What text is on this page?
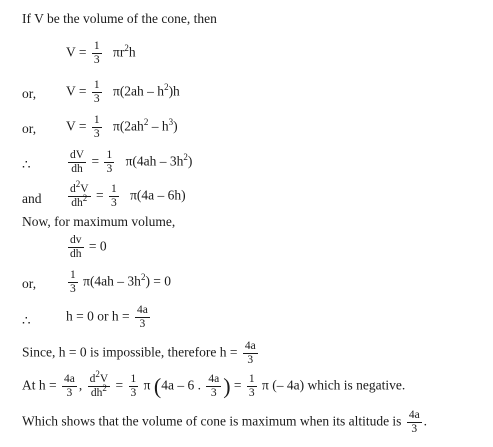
If V be the volume of the cone, then
$V = \frac{1}{3} \pi r^2h$
or, $V = \frac{1}{3} \pi(2ah - h^2)h$
or, $V = \frac{1}{3} \pi(2ah^2 - h^3)$
∴	$\frac{dV}{dh} = \frac{1}{3} \pi(4ah - 3h^2)$
and $\frac{d^2V}{dh^2} = \frac{1}{3} \pi(4a - 6h)$
Now, for maximum volume,
$\frac{dv}{dh} = 0$
or,	$\frac{1}{3} \pi(4ah - 3h^2) = 0$
∴	h = 0 or $h = \frac{4a}{3}$
Since, h = 0 is impossible, therefore $h = \frac{4a}{3}$
At $h = \frac{4a}{3}$ , $\frac{d^2V}{dh^2} = \frac{1}{3}$ π (4a – 6 . $\frac{4a}{3}$ ) = $\frac{1}{3}$ π (– 4a) which is negative.
Which shows that the volume of cone is maximum when its altitude is $\frac{4a}{3}$ .
